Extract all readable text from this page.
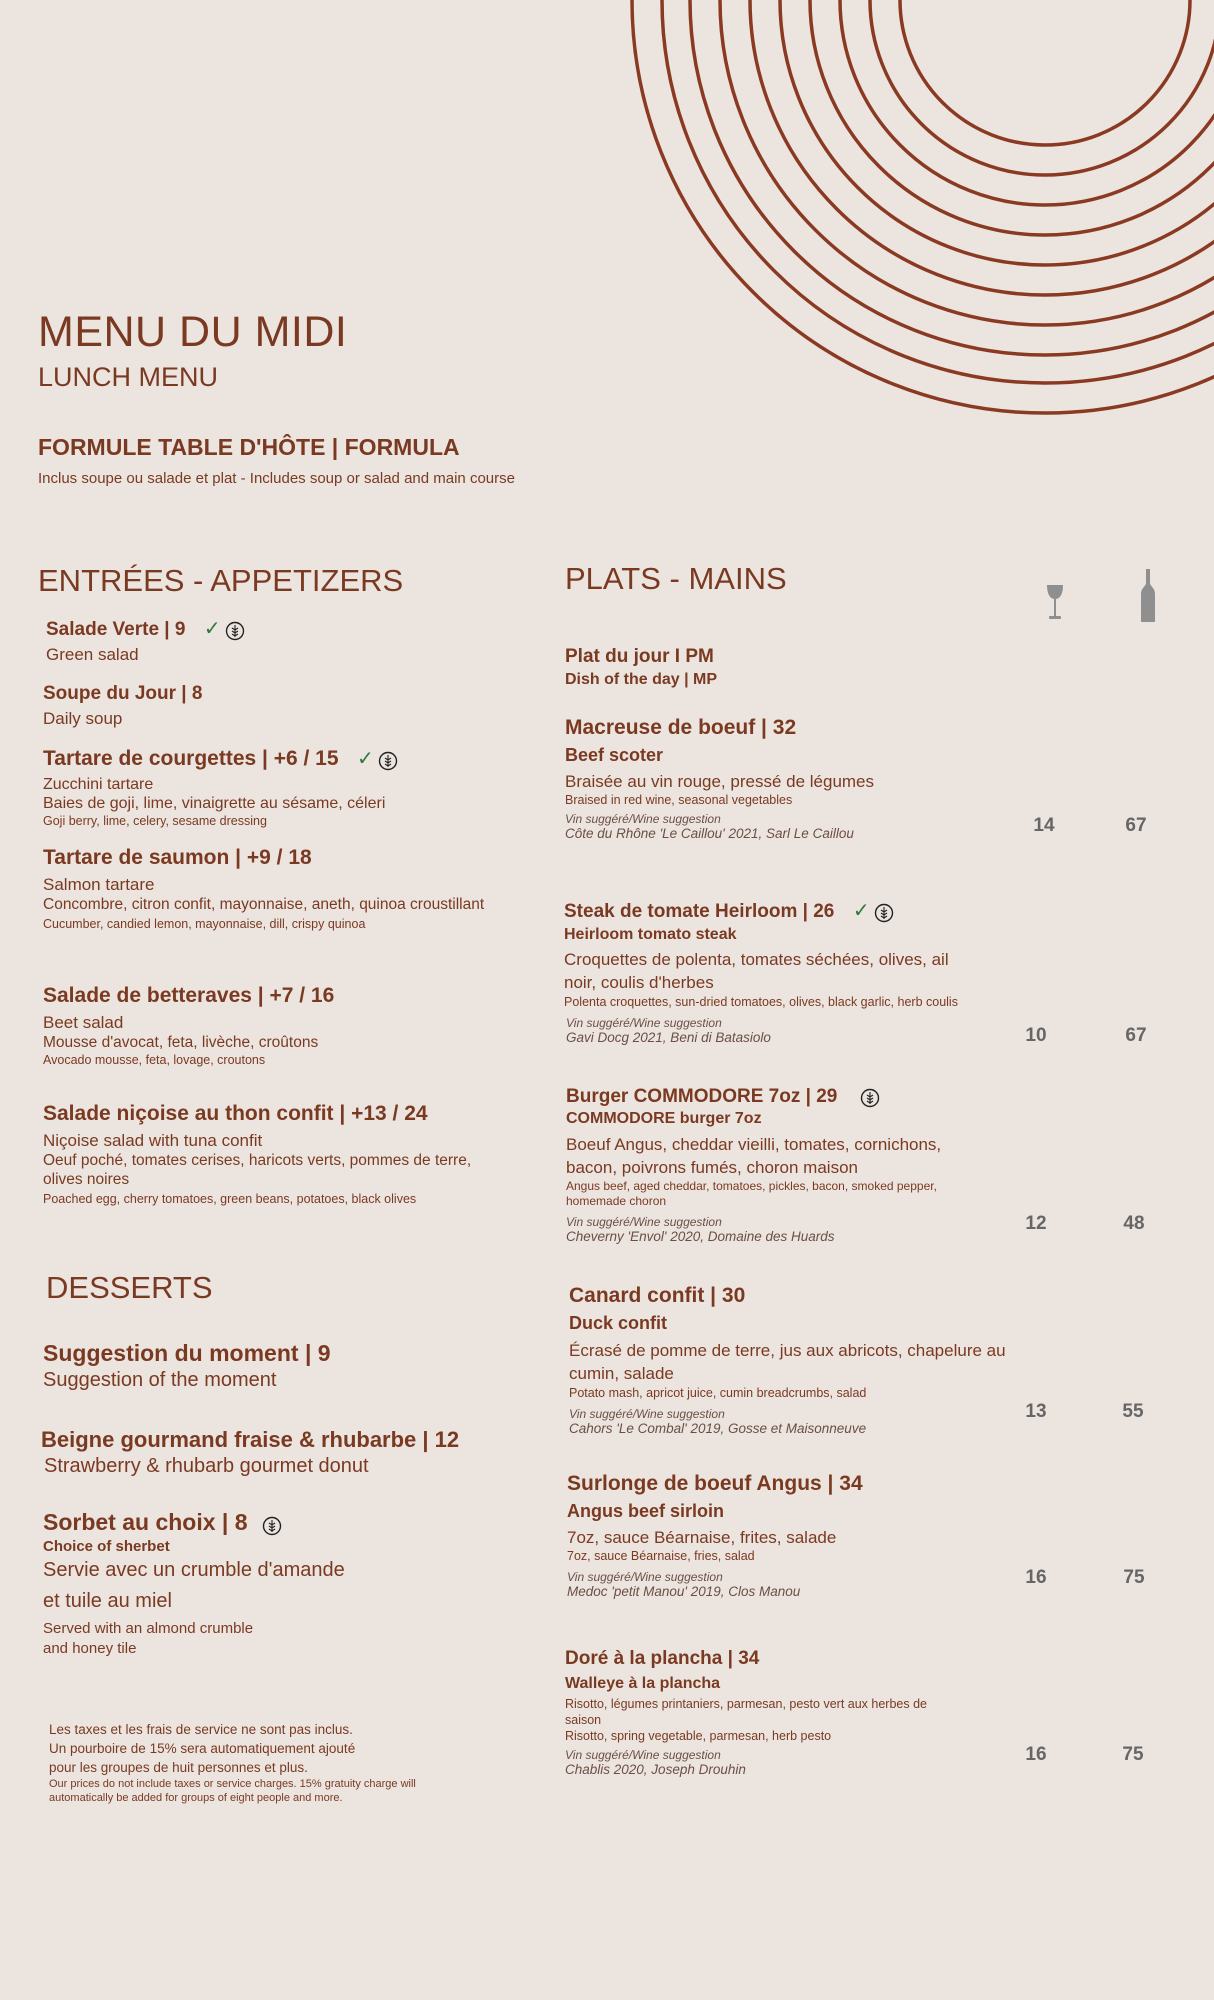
MENU DU MIDI
LUNCH MENU
FORMULE TABLE D'HÔTE | FORMULA
Inclus soupe ou salade et plat - Includes soup or salad and main course
ENTRÉES - APPETIZERS
Salade Verte | 9 ✓
Green salad
Soupe du Jour | 8
Daily soup
Tartare de courgettes | +6 / 15 ✓
Zucchini tartare
Baies de goji, lime, vinaigrette au sésame, céleri
Goji berry, lime, celery, sesame dressing
Tartare de saumon | +9 / 18
Salmon tartare
Concombre, citron confit, mayonnaise, aneth, quinoa croustillant
Cucumber, candied lemon, mayonnaise, dill, crispy quinoa
Salade de betteraves | +7 / 16
Beet salad
Mousse d'avocat, feta, livèche, croûtons
Avocado mousse, feta, lovage, croutons
Salade niçoise au thon confit | +13 / 24
Niçoise salad with tuna confit
Oeuf poché, tomates cerises, haricots verts, pommes de terre, olives noires
Poached egg, cherry tomatoes, green beans, potatoes, black olives
DESSERTS
Suggestion du moment | 9
Suggestion of the moment
Beigne gourmand fraise & rhubarbe | 12
Strawberry & rhubarb gourmet donut
Sorbet au choix | 8
Choice of sherbet
Servie avec un crumble d'amande
et tuile au miel
Served with an almond crumble
and honey tile
Les taxes et les frais de service ne sont pas inclus.
Un pourboire de 15% sera automatiquement ajouté
pour les groupes de huit personnes et plus.
Our prices do not include taxes or service charges. 15% gratuity charge will
automatically be added for groups of eight people and more.
PLATS - MAINS
Plat du jour I PM
Dish of the day | MP
Macreuse de boeuf | 32
Beef scoter
Braisée au vin rouge, pressé de légumes
Braised in red wine, seasonal vegetables
Vin suggéré/Wine suggestion
Côte du Rhône 'Le Caillou' 2021, Sarl Le Caillou	14	67
Steak de tomate Heirloom | 26 ✓
Heirloom tomato steak
Croquettes de polenta, tomates séchées, olives, ail
noir, coulis d'herbes
Polenta croquettes, sun-dried tomatoes, olives, black garlic, herb coulis
Vin suggéré/Wine suggestion
Gavi Docg 2021, Beni di Batasiolo	10	67
Burger COMMODORE 7oz | 29
COMMODORE burger 7oz
Boeuf Angus, cheddar vieilli, tomates, cornichons,
bacon, poivrons fumés, choron maison
Angus beef, aged cheddar, tomatoes, pickles, bacon, smoked pepper,
homemade choron
Vin suggéré/Wine suggestion
Cheverny 'Envol' 2020, Domaine des Huards
12	48
Canard confit | 30
Duck confit
Écrasé de pomme de terre, jus aux abricots, chapelure au
cumin, salade
Potato mash, apricot juice, cumin breadcrumbs, salad
Vin suggéré/Wine suggestion
Cahors 'Le Combal' 2019, Gosse et Maisonneuve
13	55
Surlonge de boeuf Angus | 34
Angus beef sirloin
7oz, sauce Béarnaise, frites, salade
7oz, sauce Béarnaise, fries, salad
Vin suggéré/Wine suggestion
Medoc 'petit Manou' 2019, Clos Manou
16	75
Doré à la plancha | 34
Walleye à la plancha
Risotto, légumes printaniers, parmesan, pesto vert aux herbes de
saison
Risotto, spring vegetable, parmesan, herb pesto
Vin suggéré/Wine suggestion
Chablis 2020, Joseph Drouhin
16	75
